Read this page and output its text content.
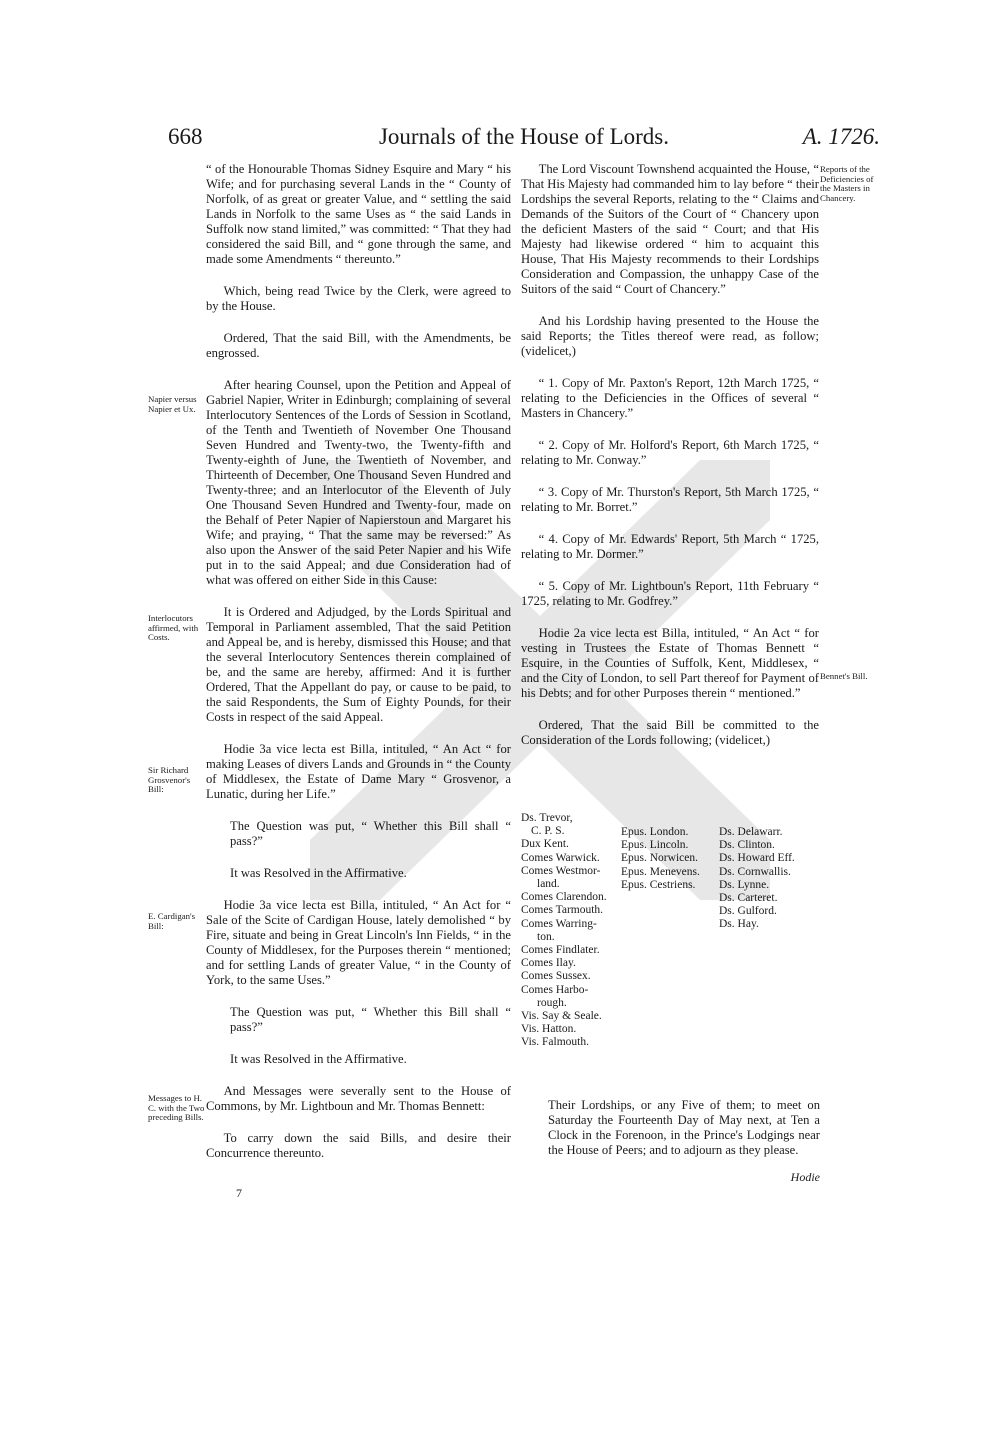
668	Journals of the House of Lords.	A. 1726.

“ of the Honourable Thomas Sidney Esquire and Mary “ his Wife; and for purchasing several Lands in the “ County of Norfolk, of as great or greater Value, and “ settling the said Lands in Norfolk to the same Uses as “ the said Lands in Suffolk now stand limited,” was committed: “ That they had considered the said Bill, and “ gone through the same, and made some Amendments “ thereunto.”

Which, being read Twice by the Clerk, were agreed to by the House.

Ordered, That the said Bill, with the Amendments, be engrossed.

After hearing Counsel, upon the Petition and Appeal of Gabriel Napier, Writer in Edinburgh; complaining of several Interlocutory Sentences of the Lords of Session in Scotland, of the Tenth and Twentieth of November One Thousand Seven Hundred and Twenty-two, the Twenty-fifth and Twenty-eighth of June, the Twentieth of November, and Thirteenth of December, One Thousand Seven Hundred and Twenty-three; and an Interlocutor of the Eleventh of July One Thousand Seven Hundred and Twenty-four, made on the Behalf of Peter Napier of Napierstoun and Margaret his Wife; and praying, “ That the same may be reversed:” As also upon the Answer of the said Peter Napier and his Wife put in to the said Appeal; and due Consideration had of what was offered on either Side in this Cause:

It is Ordered and Adjudged, by the Lords Spiritual and Temporal in Parliament assembled, That the said Petition and Appeal be, and is hereby, dismissed this House; and that the several Interlocutory Sentences therein complained of be, and the same are hereby, affirmed: And it is further Ordered, That the Appellant do pay, or cause to be paid, to the said Respondents, the Sum of Eighty Pounds, for their Costs in respect of the said Appeal.

Hodie 3a vice lecta est Billa, intituled, “ An Act “ for making Leases of divers Lands and Grounds in “ the County of Middlesex, the Estate of Dame Mary “ Grosvenor, a Lunatic, during her Life.”

The Question was put, “ Whether this Bill shall “ pass?”

It was Resolved in the Affirmative.

Hodie 3a vice lecta est Billa, intituled, “ An Act for “ Sale of the Scite of Cardigan House, lately demolished “ by Fire, situate and being in Great Lincoln's Inn Fields, “ in the County of Middlesex, for the Purposes therein “ mentioned; and for settling Lands of greater Value, “ in the County of York, to the same Uses.”

The Question was put, “ Whether this Bill shall “ pass?”

It was Resolved in the Affirmative.

And Messages were severally sent to the House of Commons, by Mr. Lightboun and Mr. Thomas Bennett:

To carry down the said Bills, and desire their Concurrence thereunto.

The Lord Viscount Townshend acquainted the House, “ That His Majesty had commanded him to lay before “ their Lordships the several Reports, relating to the “ Claims and Demands of the Suitors of the Court of “ Chancery upon the deficient Masters of the said “ Court; and that His Majesty had likewise ordered “ him to acquaint this House, That His Majesty recommends to their Lordships Consideration and Compassion, the unhappy Case of the Suitors of the said “ Court of Chancery.”

And his Lordship having presented to the House the said Reports; the Titles thereof were read, as follow; (videlicet,)

“ 1. Copy of Mr. Paxton's Report, 12th March 1725, “ relating to the Deficiencies in the Offices of several “ Masters in Chancery.”

“ 2. Copy of Mr. Holford's Report, 6th March 1725, “ relating to Mr. Conway.”

“ 3. Copy of Mr. Thurston's Report, 5th March 1725, “ relating to Mr. Borret.”

“ 4. Copy of Mr. Edwards' Report, 5th March “ 1725, relating to Mr. Dormer.”

“ 5. Copy of Mr. Lightboun's Report, 11th February “ 1725, relating to Mr. Godfrey.”

Hodie 2a vice lecta est Billa, intituled, “ An Act “ for vesting in Trustees the Estate of Thomas Bennett “ Esquire, in the Counties of Suffolk, Kent, Middlesex, “ and the City of London, to sell Part thereof for Payment of his Debts; and for other Purposes therein “ mentioned.”

Ordered, That the said Bill be committed to the Consideration of the Lords following; (videlicet,)

Ds. Trevor,
C. P. S.
Dux Kent.
Comes Warwick.
Comes Westmor-
land.
Comes Clarendon.
Comes Tarmouth.
Comes Warring-
ton.
Comes Findlater.
Comes Ilay.
Comes Sussex.
Comes Harbo-
rough.
Vis. Say & Seale.
Vis. Hatton.
Vis. Falmouth.
Epus. London.
Epus. Lincoln.
Epus. Norwicen.
Epus. Menevens.
Epus. Cestriens.
Ds. Delawarr.
Ds. Clinton.
Ds. Howard Eff.
Ds. Cornwallis.
Ds. Lynne.
Ds. Carteret.
Ds. Gulford.
Ds. Hay.

Their Lordships, or any Five of them; to meet on Saturday the Fourteenth Day of May next, at Ten a Clock in the Forenoon, in the Prince's Lodgings near the House of Peers; and to adjourn as they please.

Napier versus Napier et Ux.
Interlocutors affirmed, with Costs.
Sir Richard Grosvenor's Bill:
E. Cardigan's Bill:
Messages to H. C. with the Two preceding Bills.
Reports of the Deficiencies of the Masters in Chancery.
Bennet's Bill.
Hodie
7
